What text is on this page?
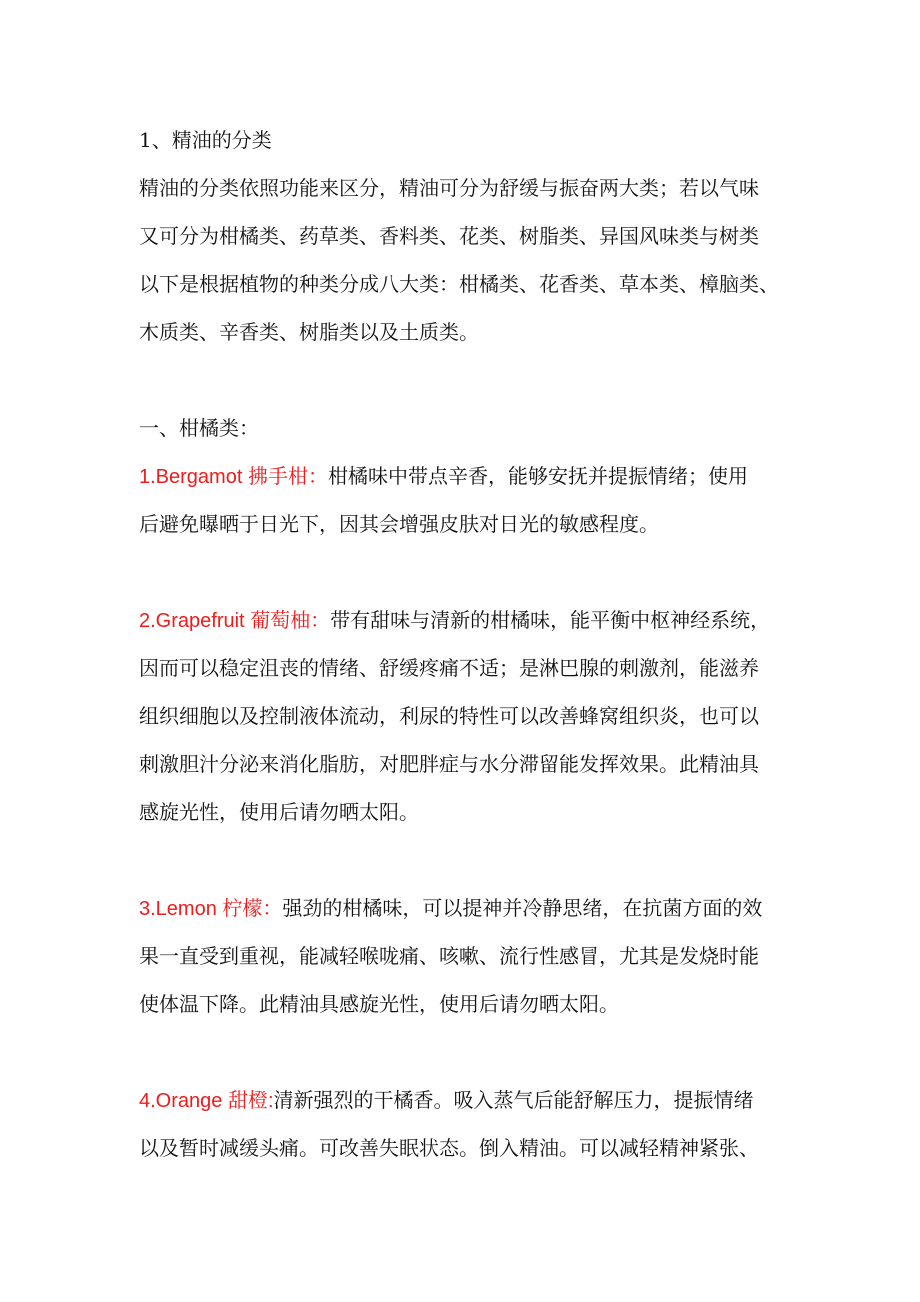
1、精油的分类
精油的分类依照功能来区分，精油可分为舒缓与振奋两大类；若以气味
又可分为柑橘类、药草类、香料类、花类、树脂类、异国风味类与树类
以下是根据植物的种类分成八大类：柑橘类、花香类、草本类、樟脑类、
木质类、辛香类、树脂类以及土质类。
一、柑橘类：
1.Bergamot 拂手柑：柑橘味中带点辛香，能够安抚并提振情绪；使用
后避免曝晒于日光下，因其会增强皮肤对日光的敏感程度。
2.Grapefruit 葡萄柚：带有甜味与清新的柑橘味，能平衡中枢神经系统，
因而可以稳定沮丧的情绪、舒缓疼痛不适；是淋巴腺的刺激剂，能滋养
组织细胞以及控制液体流动，利尿的特性可以改善蜂窝组织炎，也可以
刺激胆汁分泌来消化脂肪，对肥胖症与水分滞留能发挥效果。此精油具
感旋光性，使用后请勿晒太阳。
3.Lemon 柠檬：强劲的柑橘味，可以提神并冷静思绪，在抗菌方面的效
果一直受到重视，能减轻喉咙痛、咳嗽、流行性感冒，尤其是发烧时能
使体温下降。此精油具感旋光性，使用后请勿晒太阳。
4.Orange 甜橙:清新强烈的干橘香。吸入蒸气后能舒解压力，提振情绪
以及暂时减缓头痛。可改善失眠状态。倒入精油。可以减轻精神紧张、
